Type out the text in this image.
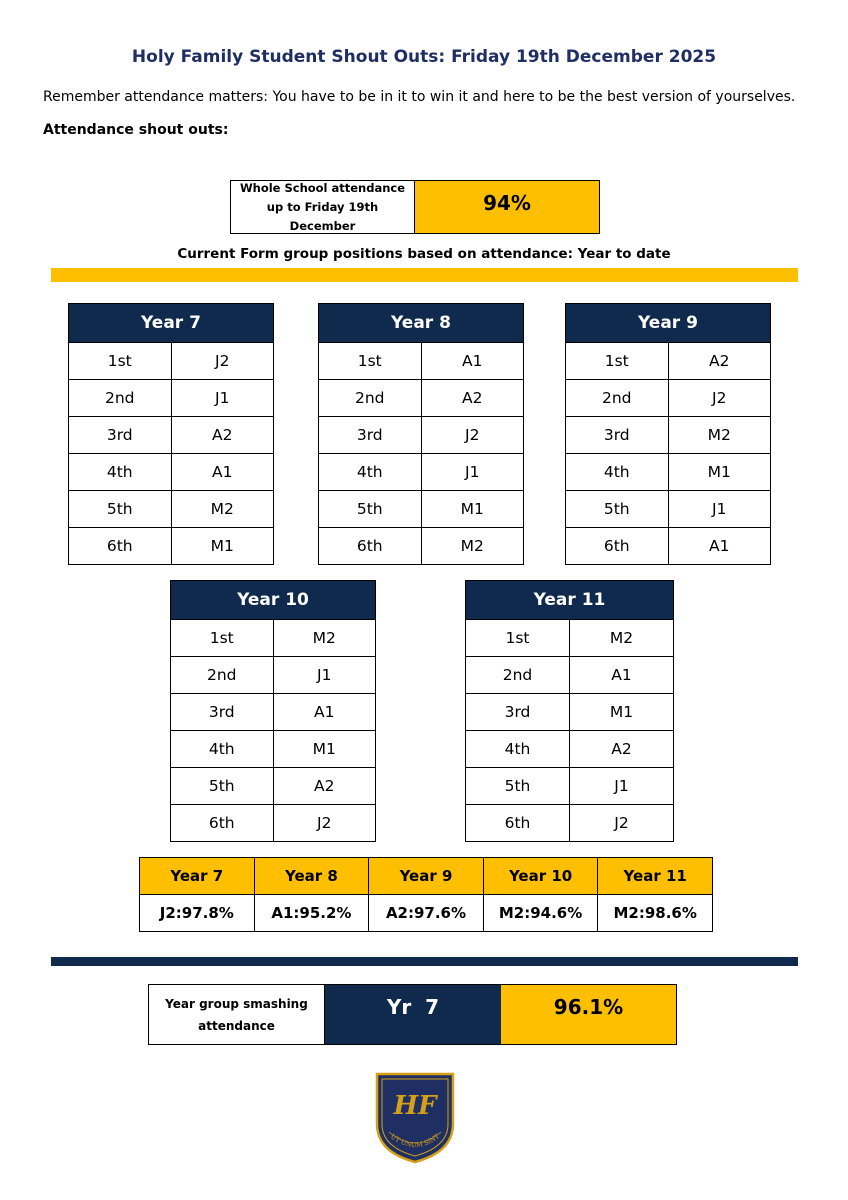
Holy Family Student Shout Outs: Friday 19th December 2025
Remember attendance matters: You have to be in it to win it and here to be the best version of yourselves.
Attendance shout outs:
Whole School attendance up to Friday 19th December
94%
Current Form group positions based on attendance: Year to date
Year 7	
1st	J2
2nd	J1
3rd	A2
4th	A1
5th	M2
6th	M1
Year 8	
1st	A1
2nd	A2
3rd	J2
4th	J1
5th	M1
6th	M2
Year 9	
1st	A2
2nd	J2
3rd	M2
4th	M1
5th	J1
6th	A1
Year 10	
1st	M2
2nd	J1
3rd	A1
4th	M1
5th	A2
6th	J2
Year 11	
1st	M2
2nd	A1
3rd	M1
4th	A2
5th	J1
6th	J2
Year 7	Year 8	Year 9	Year 10	Year 11
J2:97.8%	A1:95.2%	A2:97.6%	M2:94.6%	M2:98.6%
Year group smashing attendance
Yr  7	96.1%
HF
UT UNUM SINT
